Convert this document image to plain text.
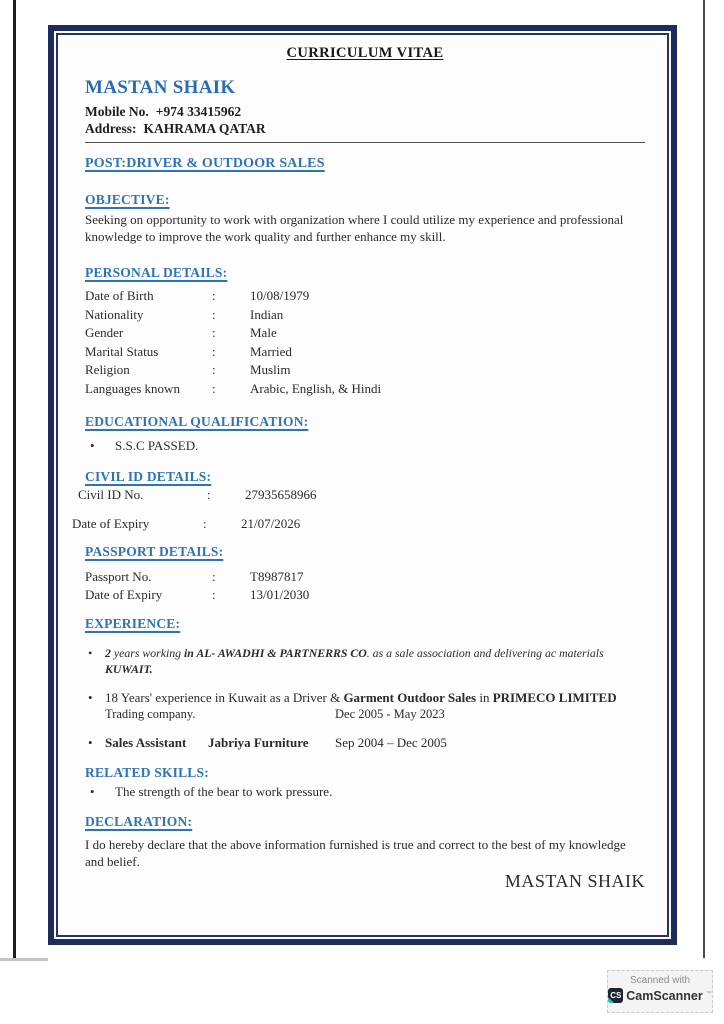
CURRICULUM VITAE
MASTAN SHAIK
Mobile No. +974 33415962
Address: KAHRAMA QATAR
POST:DRIVER & OUTDOOR SALES
OBJECTIVE:
Seeking on opportunity to work with organization where I could utilize my experience and professional knowledge to improve the work quality and further enhance my skill.
PERSONAL DETAILS:
Date of Birth	:	10/08/1979
Nationality	:	Indian
Gender	:	Male
Marital Status	:	Married
Religion	:	Muslim
Languages known	:	Arabic, English, & Hindi
EDUCATIONAL QUALIFICATION:
•	S.S.C PASSED.
CIVIL ID DETAILS:
Civil ID No.	:	27935658966
Date of Expiry	:	21/07/2026
PASSPORT DETAILS:
Passport No.	:	T8987817
Date of Expiry	:	13/01/2030
EXPERIENCE:
•	2 years working in AL- AWADHI & PARTNERRS CO. as a sale association and delivering ac materials
KUWAIT.
• 18 Years' experience in Kuwait as a Driver & Garment Outdoor Sales in PRIMECO LIMITED
Trading company.	Dec 2005 - May 2023
• Sales Assistant Jabriya Furniture Sep 2004 – Dec 2005
RELATED SKILLS:
•	The strength of the bear to work pressure.
DECLARATION:
I do hereby declare that the above information furnished is true and correct to the best of my knowledge and belief.
MASTAN SHAIK
Scanned with
CS CamScanner ™
